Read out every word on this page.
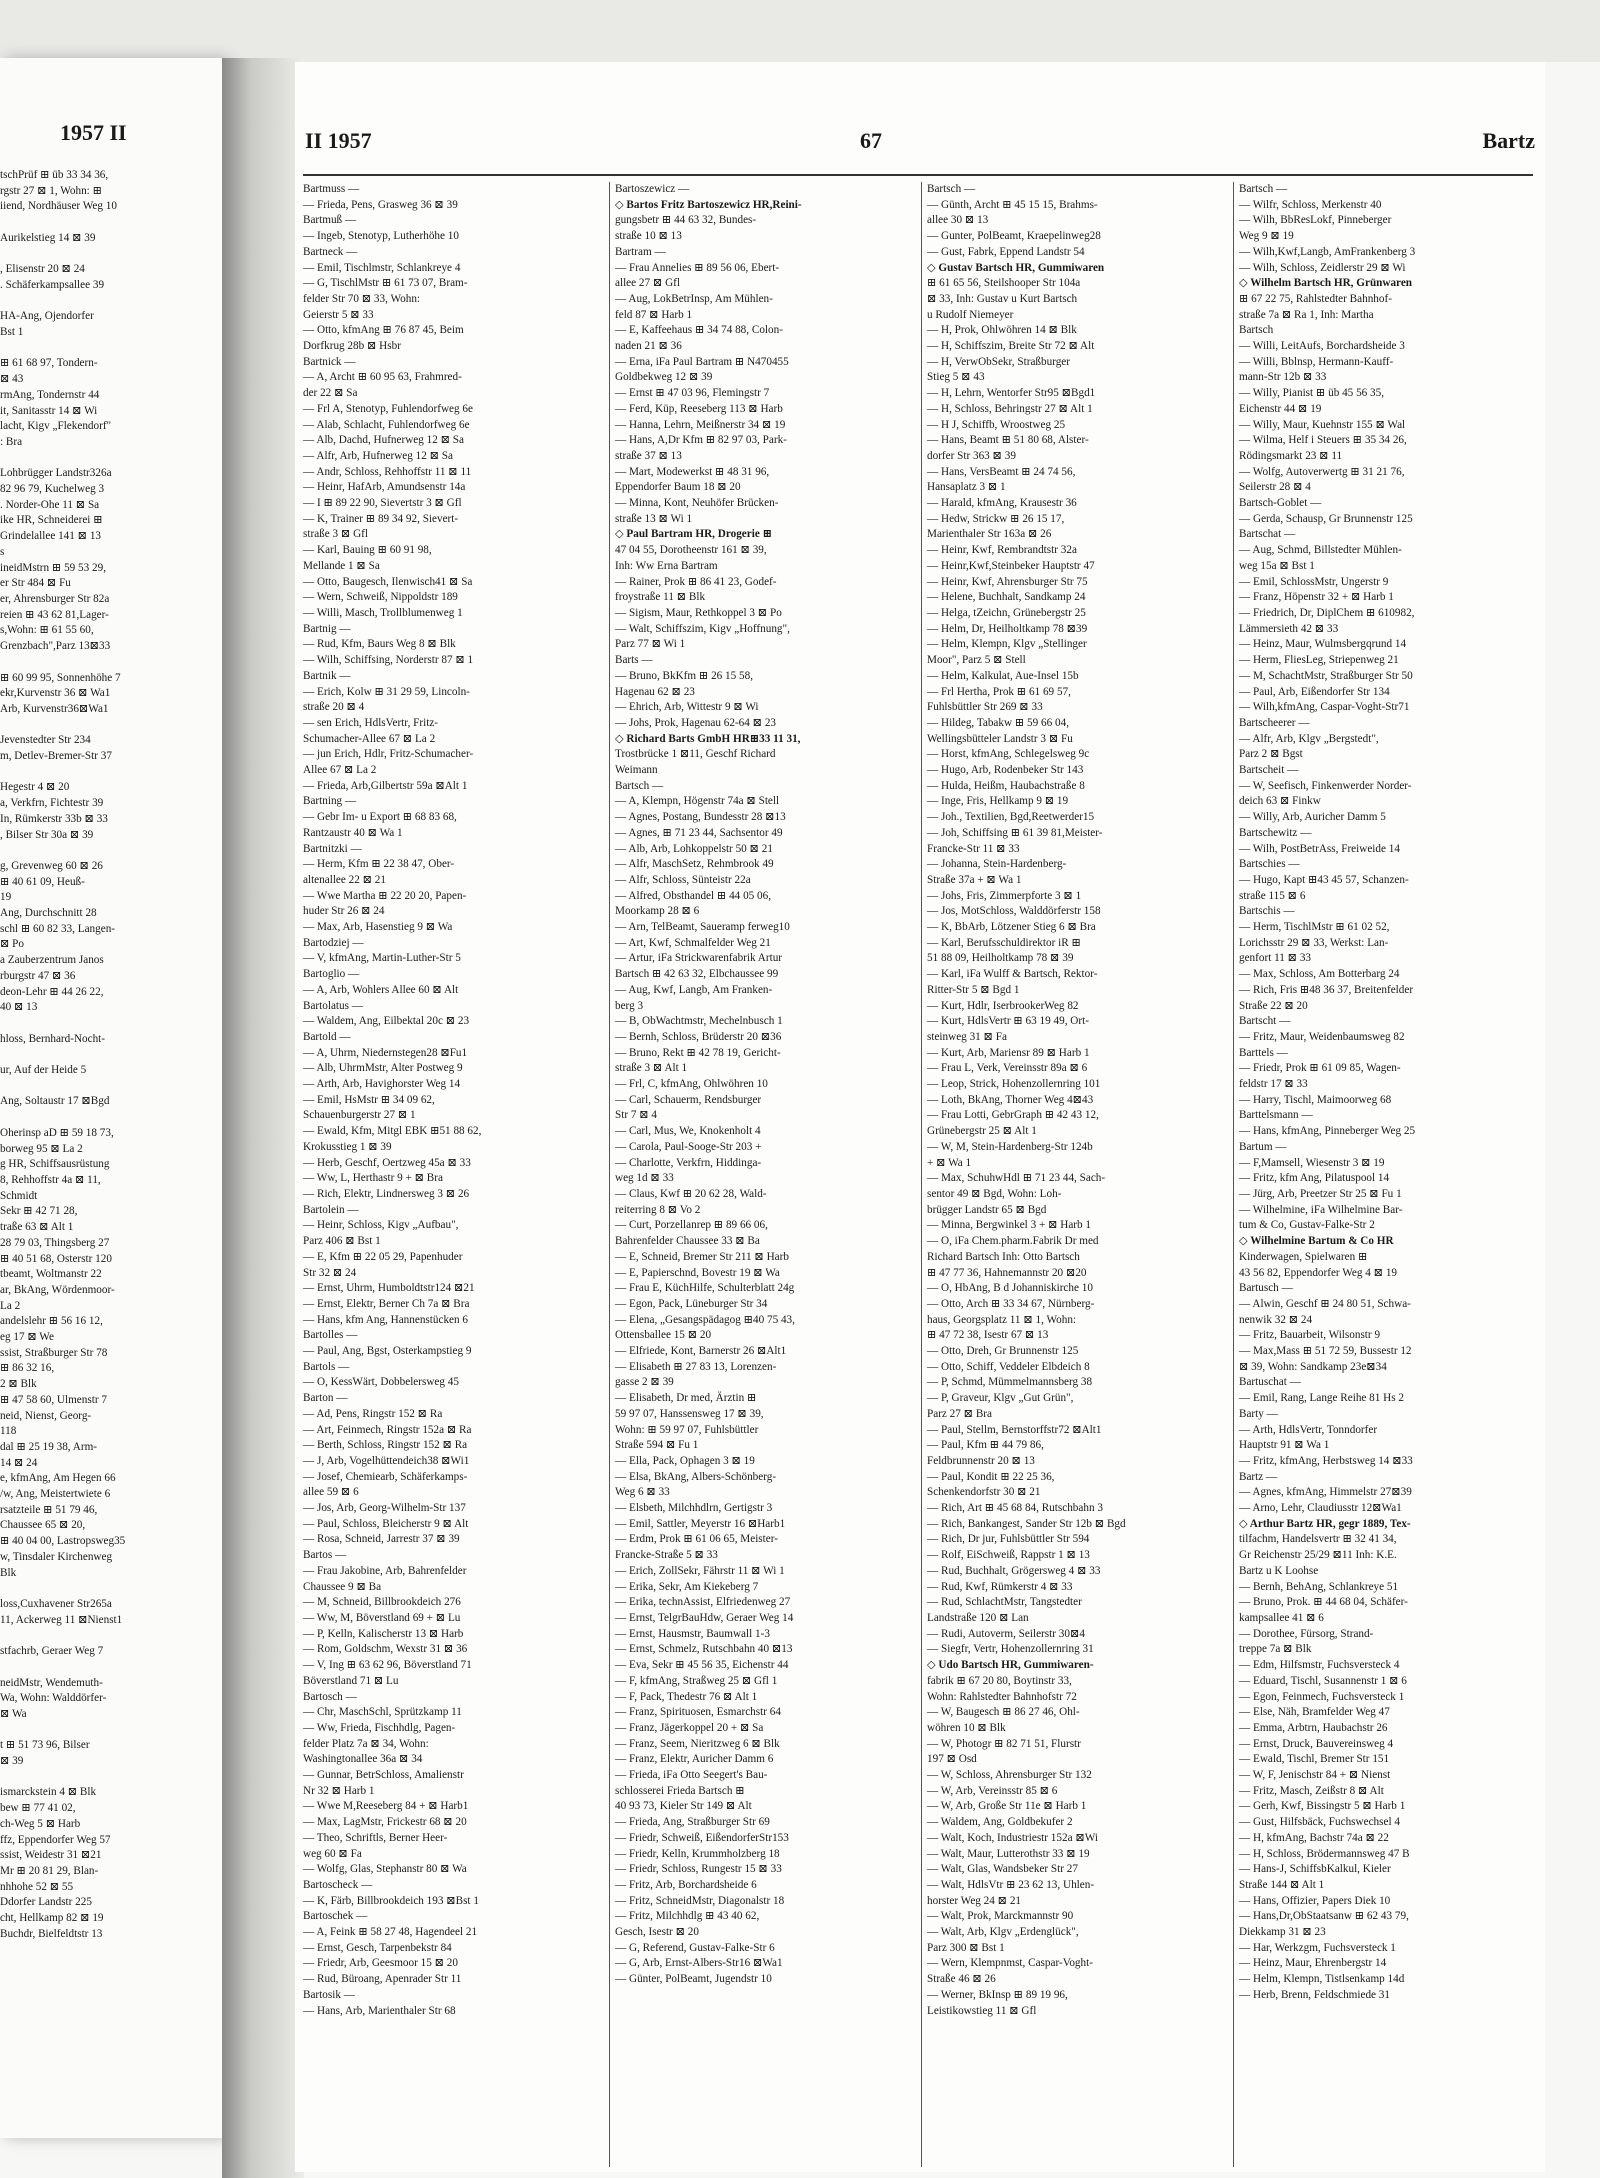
1957 II
tschPrüf ⊞ üb 33 34 36,
rgstr 27 ⊠ 1, Wohn: ⊞
iiend, Nordhäuser Weg 10

Aurikelstieg 14 ⊠ 39

, Elisenstr 20 ⊠ 24
. Schäferkampsallee 39

HA-Ang, Ojendorfer
Bst 1

⊞ 61 68 97, Tondern-
⊠ 43
rmAng, Tondernstr 44
it, Sanitasstr 14 ⊠ Wi
lacht, Kigv „Flekendorf"
: Bra

Lohbrügger Landstr326a
82 96 79, Kuchelweg 3
. Norder-Ohe 11 ⊠ Sa
ike HR, Schneiderei ⊞
Grindelallee 141 ⊠ 13
s
ineidMstrn ⊞ 59 53 29,
er Str 484 ⊠ Fu
er, Ahrensburger Str 82a
reien ⊞ 43 62 81,Lager-
s,Wohn: ⊞ 61 55 60,
Grenzbach",Parz 13⊠33

⊞ 60 99 95, Sonnenhöhe 7
ekr,Kurvenstr 36 ⊠ Wa1
Arb, Kurvenstr36⊠Wa1

Jevenstedter Str 234
m, Detlev-Bremer-Str 37

Hegestr 4 ⊠ 20
a, Verkfrn, Fichtestr 39
In, Rümkerstr 33b ⊠ 33
, Bilser Str 30a ⊠ 39

g, Grevenweg 60 ⊠ 26
⊞ 40 61 09, Heuß-
19
Ang, Durchschnitt 28
schl ⊞ 60 82 33, Langen-
⊠ Po
a Zauberzentrum Janos
rburgstr 47 ⊠ 36
deon-Lehr ⊞ 44 26 22,
40 ⊠ 13

hloss, Bernhard-Nocht-

ur, Auf der Heide 5

Ang, Soltaustr 17 ⊠Bgd

Oherinsp aD ⊞ 59 18 73,
borweg 95 ⊠ La 2
g HR, Schiffsausrüstung
8, Rehhoffstr 4a ⊠ 11,
Schmidt
Sekr ⊞ 42 71 28,
traße 63 ⊠ Alt 1
28 79 03, Thingsberg 27
⊞ 40 51 68, Osterstr 120
tbeamt, Woltmanstr 22
ar, BkAng, Wördenmoor-
La 2
andelslehr ⊞ 56 16 12,
eg 17 ⊠ We
ssist, Straßburger Str 78
⊞ 86 32 16,
2 ⊠ Blk
⊞ 47 58 60, Ulmenstr 7
neid, Nienst, Georg-
118
dal ⊞ 25 19 38, Arm-
14 ⊠ 24
e, kfmAng, Am Hegen 66
/w, Ang, Meistertwiete 6
rsatzteile ⊞ 51 79 46,
Chaussee 65 ⊠ 20,
⊞ 40 04 00, Lastropsweg35
w, Tinsdaler Kirchenweg
Blk

loss,Cuxhavener Str265a
11, Ackerweg 11 ⊠Nienst1

stfachrb, Geraer Weg 7

neidMstr, Wendemuth-
Wa, Wohn: Walddörfer-
⊠ Wa

t ⊞ 51 73 96, Bilser
⊠ 39

ismarckstein 4 ⊠ Blk
bew ⊞ 77 41 02,
ch-Weg 5 ⊠ Harb
ffz, Eppendorfer Weg 57
ssist, Weidestr 31 ⊠21
Mr ⊞ 20 81 29, Blan-
nhhohe 52 ⊠ 55
Ddorfer Landstr 225
cht, Hellkamp 82 ⊠ 19
Buchdr, Bielfeldtstr 13
II 1957	67	Bartz
Bartmuss —
— Frieda, Pens, Grasweg 36 ⊠ 39
Bartmuß —
— Ingeb, Stenotyp, Lutherhöhe 10
Bartneck —
— Emil, Tischlmstr, Schlankreye 4
— G, TischlMstr ⊞ 61 73 07, Bram-
felder Str 70 ⊠ 33, Wohn:
Geierstr 5 ⊠ 33
— Otto, kfmAng ⊞ 76 87 45, Beim
Dorfkrug 28b ⊠ Hsbr
Bartnick —
— A, Archt ⊞ 60 95 63, Frahmred-
der 22 ⊠ Sa
— Frl A, Stenotyp, Fuhlendorfweg 6e
— Alab, Schlacht, Fuhlendorfweg 6e
— Alb, Dachd, Hufnerweg 12 ⊠ Sa
— Alfr, Arb, Hufnerweg 12 ⊠ Sa
— Andr, Schloss, Rehhoffstr 11 ⊠ 11
— Heinr, HafArb, Amundsenstr 14a
— I ⊞ 89 22 90, Sievertstr 3 ⊠ Gfl
— K, Trainer ⊞ 89 34 92, Sievert-
straße 3 ⊠ Gfl
— Karl, Bauing ⊞ 60 91 98,
Mellande 1 ⊠ Sa
— Otto, Baugesch, Ilenwisch41 ⊠ Sa
— Wern, Schweiß, Nippoldstr 189
— Willi, Masch, Trollblumenweg 1
Bartnig —
— Rud, Kfm, Baurs Weg 8 ⊠ Blk
— Wilh, Schiffsing, Norderstr 87 ⊠ 1
Bartnik —
— Erich, Kolw ⊞ 31 29 59, Lincoln-
straße 20 ⊠ 4
— sen Erich, HdlsVertr, Fritz-
Schumacher-Allee 67 ⊠ La 2
— jun Erich, Hdlr, Fritz-Schumacher-
Allee 67 ⊠ La 2
— Frieda, Arb,Gilbertstr 59a ⊠Alt 1
Bartning —
— Gebr Im- u Export ⊞ 68 83 68,
Rantzaustr 40 ⊠ Wa 1
Bartnitzki —
— Herm, Kfm ⊞ 22 38 47, Ober-
altenallee 22 ⊠ 21
— Wwe Martha ⊞ 22 20 20, Papen-
huder Str 26 ⊠ 24
— Max, Arb, Hasenstieg 9 ⊠ Wa
Bartodziej —
— V, kfmAng, Martin-Luther-Str 5
Bartoglio —
— A, Arb, Wohlers Allee 60 ⊠ Alt
Bartolatus —
— Waldem, Ang, Eilbektal 20c ⊠ 23
Bartold —
— A, Uhrm, Niedernstegen28 ⊠Fu1
— Alb, UhrmMstr, Alter Postweg 9
— Arth, Arb, Havighorster Weg 14
— Emil, HsMstr ⊞ 34 09 62,
Schauenburgerstr 27 ⊠ 1
— Ewald, Kfm, Mitgl EBK ⊞51 88 62,
Krokusstieg 1 ⊠ 39
— Herb, Geschf, Oertzweg 45a ⊠ 33
— Ww, L, Herthastr 9 + ⊠ Bra
— Rich, Elektr, Lindnersweg 3 ⊠ 26
Bartolein —
— Heinr, Schloss, Kigv „Aufbau",
Parz 406 ⊠ Bst 1
— E, Kfm ⊞ 22 05 29, Papenhuder
Str 32 ⊠ 24
— Ernst, Uhrm, Humboldtstr124 ⊠21
— Ernst, Elektr, Berner Ch 7a ⊠ Bra
— Hans, kfm Ang, Hannenstücken 6
Bartolles —
— Paul, Ang, Bgst, Osterkampstieg 9
Bartols —
— O, KessWärt, Dobbelersweg 45
Barton —
— Ad, Pens, Ringstr 152 ⊠ Ra
— Art, Feinmech, Ringstr 152a ⊠ Ra
— Berth, Schloss, Ringstr 152 ⊠ Ra
— J, Arb, Vogelhüttendeich38 ⊠Wi1
— Josef, Chemiearb, Schäferkamps-
allee 59 ⊠ 6
— Jos, Arb, Georg-Wilhelm-Str 137
— Paul, Schloss, Bleicherstr 9 ⊠ Alt
— Rosa, Schneid, Jarrestr 37 ⊠ 39
Bartos —
— Frau Jakobine, Arb, Bahrenfelder
Chaussee 9 ⊠ Ba
— M, Schneid, Billbrookdeich 276
— Ww, M, Böverstland 69 + ⊠ Lu
— P, Kelln, Kalischerstr 13 ⊠ Harb
— Rom, Goldschm, Wexstr 31 ⊠ 36
— V, Ing ⊞ 63 62 96, Böverstland 71
Böverstland 71 ⊠ Lu
Bartosch —
— Chr, MaschSchl, Sprützkamp 11
— Ww, Frieda, Fischhdlg, Pagen-
felder Platz 7a ⊠ 34, Wohn:
Washingtonallee 36a ⊠ 34
— Gunnar, BetrSchloss, Amalienstr
Nr 32 ⊠ Harb 1
— Wwe M,Reeseberg 84 + ⊠ Harb1
— Max, LagMstr, Frickestr 68 ⊠ 20
— Theo, Schriftls, Berner Heer-
weg 60 ⊠ Fa
— Wolfg, Glas, Stephanstr 80 ⊠ Wa
Bartoscheck —
— K, Färb, Billbrookdeich 193 ⊠Bst 1
Bartoschek —
— A, Feink ⊞ 58 27 48, Hagendeel 21
— Ernst, Gesch, Tarpenbekstr 84
— Friedr, Arb, Geesmoor 15 ⊠ 20
— Rud, Büroang, Apenrader Str 11
Bartosik —
— Hans, Arb, Marienthaler Str 68
Bartoszewicz —
◇ Bartos Fritz Bartoszewicz HR,Reini-
gungsbetr ⊞ 44 63 32, Bundes-
straße 10 ⊠ 13
Bartram —
— Frau Annelies ⊞ 89 56 06, Ebert-
allee 27 ⊠ Gfl
— Aug, LokBetrInsp, Am Mühlen-
feld 87 ⊠ Harb 1
— E, Kaffeehaus ⊞ 34 74 88, Colon-
naden 21 ⊠ 36
— Erna, iFa Paul Bartram ⊞ N470455
Goldbekweg 12 ⊠ 39
— Ernst ⊞ 47 03 96, Flemingstr 7
— Ferd, Küp, Reeseberg 113 ⊠ Harb
— Hanna, Lehrn, Meißnerstr 34 ⊠ 19
— Hans, A,Dr Kfm ⊞ 82 97 03, Park-
straße 37 ⊠ 13
— Mart, Modewerkst ⊞ 48 31 96,
Eppendorfer Baum 18 ⊠ 20
— Minna, Kont, Neuhöfer Brücken-
straße 13 ⊠ Wi 1
◇ Paul Bartram HR, Drogerie ⊞
47 04 55, Dorotheenstr 161 ⊠ 39,
Inh: Ww Erna Bartram
— Rainer, Prok ⊞ 86 41 23, Godef-
froystraße 11 ⊠ Blk
— Sigism, Maur, Rethkoppel 3 ⊠ Po
— Walt, Schiffszim, Kigv „Hoffnung",
Parz 77 ⊠ Wi 1
Barts —
— Bruno, BkKfm ⊞ 26 15 58,
Hagenau 62 ⊠ 23
— Ehrich, Arb, Wittestr 9 ⊠ Wi
— Johs, Prok, Hagenau 62-64 ⊠ 23
◇ Richard Barts GmbH HR⊞33 11 31,
Trostbrücke 1 ⊠11, Geschf Richard
Weimann
Bartsch —
— A, Klempn, Högenstr 74a ⊠ Stell
— Agnes, Postang, Bundesstr 28 ⊠13
— Agnes, ⊞ 71 23 44, Sachsentor 49
— Alb, Arb, Lohkoppelstr 50 ⊠ 21
— Alfr, MaschSetz, Rehmbrook 49
— Alfr, Schloss, Sünteistr 22a
— Alfred, Obsthandel ⊞ 44 05 06,
Moorkamp 28 ⊠ 6
— Arn, TelBeamt, Saueramp ferweg10
— Art, Kwf, Schmalfelder Weg 21
— Artur, iFa Strickwarenfabrik Artur
Bartsch ⊞ 42 63 32, Elbchaussee 99
— Aug, Kwf, Langb, Am Franken-
berg 3
— B, ObWachtmstr, Mechelnbusch 1
— Bernh, Schloss, Brüderstr 20 ⊠36
— Bruno, Rekt ⊞ 42 78 19, Gericht-
straße 3 ⊠ Alt 1
— Frl, C, kfmAng, Ohlwöhren 10
— Carl, Schauerm, Rendsburger
Str 7 ⊠ 4
— Carl, Mus, We, Knokenholt 4
— Carola, Paul-Sooge-Str 203 +
— Charlotte, Verkfrn, Hiddinga-
weg 1d ⊠ 33
— Claus, Kwf ⊞ 20 62 28, Wald-
reiterring 8 ⊠ Vo 2
— Curt, Porzellanrep ⊞ 89 66 06,
Bahrenfelder Chaussee 33 ⊠ Ba
— E, Schneid, Bremer Str 211 ⊠ Harb
— E, Papierschnd, Bovestr 19 ⊠ Wa
— Frau E, KüchHilfe, Schulterblatt 24g
— Egon, Pack, Lüneburger Str 34
— Elena, „Gesangspädagog ⊞40 75 43,
Ottensballee 15 ⊠ 20
— Elfriede, Kont, Barnerstr 26 ⊠Alt1
— Elisabeth ⊞ 27 83 13, Lorenzen-
gasse 2 ⊠ 39
— Elisabeth, Dr med, Ärztin ⊞
59 97 07, Hanssensweg 17 ⊠ 39,
Wohn: ⊞ 59 97 07, Fuhlsbüttler
Straße 594 ⊠ Fu 1
— Ella, Pack, Ophagen 3 ⊠ 19
— Elsa, BkAng, Albers-Schönberg-
Weg 6 ⊠ 33
— Elsbeth, Milchhdlrn, Gertigstr 3
— Emil, Sattler, Meyerstr 16 ⊠Harb1
— Erdm, Prok ⊞ 61 06 65, Meister-
Francke-Straße 5 ⊠ 33
— Erich, ZollSekr, Fährstr 11 ⊠ Wi 1
— Erika, Sekr, Am Kiekeberg 7
— Erika, technAssist, Elfriedenweg 27
— Ernst, TelgrBauHdw, Geraer Weg 14
— Ernst, Hausmstr, Baumwall 1-3
— Ernst, Schmelz, Rutschbahn 40 ⊠13
— Eva, Sekr ⊞ 45 56 35, Eichenstr 44
— F, kfmAng, Straßweg 25 ⊠ Gfl 1
— F, Pack, Thedestr 76 ⊠ Alt 1
— Franz, Spirituosen, Esmarchstr 64
— Franz, Jägerkoppel 20 + ⊠ Sa
— Franz, Seem, Nieritzweg 6 ⊠ Blk
— Franz, Elektr, Auricher Damm 6
— Frieda, iFa Otto Seegert's Bau-
schlosserei Frieda Bartsch ⊞
40 93 73, Kieler Str 149 ⊠ Alt
— Frieda, Ang, Straßburger Str 69
— Friedr, Schweiß, EißendorferStr153
— Friedr, Kelln, Krummholzberg 18
— Friedr, Schloss, Rungestr 15 ⊠ 33
— Fritz, Arb, Borchardsheide 6
— Fritz, SchneidMstr, Diagonalstr 18
— Fritz, Milchhdlg ⊞ 43 40 62,
Gesch, Isestr ⊠ 20
— G, Referend, Gustav-Falke-Str 6
— G, Arb, Ernst-Albers-Str16 ⊠Wa1
— Günter, PolBeamt, Jugendstr 10
Bartsch —
— Günth, Archt ⊞ 45 15 15, Brahms-
allee 30 ⊠ 13
— Gunter, PolBeamt, Kraepelinweg28
— Gust, Fabrk, Eppend Landstr 54
◇ Gustav Bartsch HR, Gummiwaren
⊞ 61 65 56, Steilshooper Str 104a
⊠ 33, Inh: Gustav u Kurt Bartsch
u Rudolf Niemeyer
— H, Prok, Ohlwöhren 14 ⊠ Blk
— H, Schiffszim, Breite Str 72 ⊠ Alt
— H, VerwObSekr, Straßburger
Stieg 5 ⊠ 43
— H, Lehrn, Wentorfer Str95 ⊠Bgd1
— H, Schloss, Behringstr 27 ⊠ Alt 1
— H J, Schiffb, Wroostweg 25
— Hans, Beamt ⊞ 51 80 68, Alster-
dorfer Str 363 ⊠ 39
— Hans, VersBeamt ⊞ 24 74 56,
Hansaplatz 3 ⊠ 1
— Harald, kfmAng, Krausestr 36
— Hedw, Strickw ⊞ 26 15 17,
Marienthaler Str 163a ⊠ 26
— Heinr, Kwf, Rembrandtstr 32a
— Heinr,Kwf,Steinbeker Hauptstr 47
— Heinr, Kwf, Ahrensburger Str 75
— Helene, Buchhalt, Sandkamp 24
— Helga, tZeichn, Grünebergstr 25
— Helm, Dr, Heilholtkamp 78 ⊠39
— Helm, Klempn, Klgv „Stellinger
Moor", Parz 5 ⊠ Stell
— Helm, Kalkulat, Aue-Insel 15b
— Frl Hertha, Prok ⊞ 61 69 57,
Fuhlsbüttler Str 269 ⊠ 33
— Hildeg, Tabakw ⊞ 59 66 04,
Wellingsbütteler Landstr 3 ⊠ Fu
— Horst, kfmAng, Schlegelsweg 9c
— Hugo, Arb, Rodenbeker Str 143
— Hulda, Heißm, Haubachstraße 8
— Inge, Fris, Hellkamp 9 ⊠ 19
— Joh., Textilien, Bgd,Reetwerder15
— Joh, Schiffsing ⊞ 61 39 81,Meister-
Francke-Str 11 ⊠ 33
— Johanna, Stein-Hardenberg-
Straße 37a + ⊠ Wa 1
— Johs, Fris, Zimmerpforte 3 ⊠ 1
— Jos, MotSchloss, Walddörferstr 158
— K, BbArb, Lötzener Stieg 6 ⊠ Bra
— Karl, Berufsschuldirektor iR ⊞
51 88 09, Heilholtkamp 78 ⊠ 39
— Karl, iFa Wulff & Bartsch, Rektor-
Ritter-Str 5 ⊠ Bgd 1
— Kurt, Hdlr, IserbrookerWeg 82
— Kurt, HdlsVertr ⊞ 63 19 49, Ort-
steinweg 31 ⊠ Fa
— Kurt, Arb, Mariensr 89 ⊠ Harb 1
— Frau L, Verk, Vereinsstr 89a ⊠ 6
— Leop, Strick, Hohenzollernring 101
— Loth, BkAng, Thorner Weg 4⊠43
— Frau Lotti, GebrGraph ⊞ 42 43 12,
Grünebergstr 25 ⊠ Alt 1
— W, M, Stein-Hardenberg-Str 124b
+ ⊠ Wa 1
— Max, SchuhwHdl ⊞ 71 23 44, Sach-
sentor 49 ⊠ Bgd, Wohn: Loh-
brügger Landstr 65 ⊠ Bgd
— Minna, Bergwinkel 3 + ⊠ Harb 1
— O, iFa Chem.pharm.Fabrik Dr med
Richard Bartsch Inh: Otto Bartsch
⊞ 47 77 36, Hahnemannstr 20 ⊠20
— O, HbAng, B d Johanniskirche 10
— Otto, Arch ⊞ 33 34 67, Nürnberg-
haus, Georgsplatz 11 ⊠ 1, Wohn:
⊞ 47 72 38, Isestr 67 ⊠ 13
— Otto, Dreh, Gr Brunnenstr 125
— Otto, Schiff, Veddeler Elbdeich 8
— P, Schmd, Mümmelmannsberg 38
— P, Graveur, Klgv „Gut Grün",
Parz 27 ⊠ Bra
— Paul, Stellm, Bernstorffstr72 ⊠Alt1
— Paul, Kfm ⊞ 44 79 86,
Feldbrunnenstr 20 ⊠ 13
— Paul, Kondit ⊞ 22 25 36,
Schenkendorfstr 30 ⊠ 21
— Rich, Art ⊞ 45 68 84, Rutschbahn 3
— Rich, Bankangest, Sander Str 12b ⊠ Bgd
— Rich, Dr jur, Fuhlsbüttler Str 594
— Rolf, EiSchweiß, Rappstr 1 ⊠ 13
— Rud, Buchhalt, Grögersweg 4 ⊠ 33
— Rud, Kwf, Rümkerstr 4 ⊠ 33
— Rud, SchlachtMstr, Tangstedter
Landstraße 120 ⊠ Lan
— Rudi, Autoverm, Seilerstr 30⊠4
— Siegfr, Vertr, Hohenzollernring 31
◇ Udo Bartsch HR, Gummiwaren-
fabrik ⊞ 67 20 80, Boytinstr 33,
Wohn: Rahlstedter Bahnhofstr 72
— W, Baugesch ⊞ 86 27 46, Ohl-
wöhren 10 ⊠ Blk
— W, Photogr ⊞ 82 71 51, Flurstr
197 ⊠ Osd
— W, Schloss, Ahrensburger Str 132
— W, Arb, Vereinsstr 85 ⊠ 6
— W, Arb, Große Str 11e ⊠ Harb 1
— Waldem, Ang, Goldbekufer 2
— Walt, Koch, Industriestr 152a ⊠Wi
— Walt, Maur, Lutterothstr 33 ⊠ 19
— Walt, Glas, Wandsbeker Str 27
— Walt, HdlsVtr ⊞ 23 62 13, Uhlen-
horster Weg 24 ⊠ 21
— Walt, Prok, Marckmannstr 90
— Walt, Arb, Klgv „Erdenglück",
Parz 300 ⊠ Bst 1
— Wern, Klempnmst, Caspar-Voght-
Straße 46 ⊠ 26
— Werner, BkInsp ⊞ 89 19 96,
Leistikowstieg 11 ⊠ Gfl
Bartsch —
— Wilfr, Schloss, Merkenstr 40
— Wilh, BbResLokf, Pinneberger
Weg 9 ⊠ 19
— Wilh,Kwf,Langb, AmFrankenberg 3
— Wilh, Schloss, Zeidlerstr 29 ⊠ Wi
◇ Wilhelm Bartsch HR, Grünwaren
⊞ 67 22 75, Rahlstedter Bahnhof-
straße 7a ⊠ Ra 1, Inh: Martha
Bartsch
— Willi, LeitAufs, Borchardsheide 3
— Willi, Bblnsp, Hermann-Kauff-
mann-Str 12b ⊠ 33
— Willy, Pianist ⊞ üb 45 56 35,
Eichenstr 44 ⊠ 19
— Willy, Maur, Kuehnstr 155 ⊠ Wal
— Wilma, Helf i Steuers ⊞ 35 34 26,
Rödingsmarkt 23 ⊠ 11
— Wolfg, Autoverwertg ⊞ 31 21 76,
Seilerstr 28 ⊠ 4
Bartsch-Goblet —
— Gerda, Schausp, Gr Brunnenstr 125
Bartschat —
— Aug, Schmd, Billstedter Mühlen-
weg 15a ⊠ Bst 1
— Emil, SchlossMstr, Ungerstr 9
— Franz, Höpenstr 32 + ⊠ Harb 1
— Friedrich, Dr, DiplChem ⊞ 610982,
Lämmersieth 42 ⊠ 33
— Heinz, Maur, Wulmsbergqrund 14
— Herm, FliesLeg, Striepenweg 21
— M, SchachtMstr, Straßburger Str 50
— Paul, Arb, Eißendorfer Str 134
— Wilh,kfmAng, Caspar-Voght-Str71
Bartscheerer —
— Alfr, Arb, Klgv „Bergstedt",
Parz 2 ⊠ Bgst
Bartscheit —
— W, Seefisch, Finkenwerder Norder-
deich 63 ⊠ Finkw
— Willy, Arb, Auricher Damm 5
Bartschewitz —
— Wilh, PostBetrAss, Freiweide 14
Bartschies —
— Hugo, Kapt ⊞43 45 57, Schanzen-
straße 115 ⊠ 6
Bartschis —
— Herm, TischlMstr ⊞ 61 02 52,
Lorichsstr 29 ⊠ 33, Werkst: Lan-
genfort 11 ⊠ 33
— Max, Schloss, Am Botterbarg 24
— Rich, Fris ⊞48 36 37, Breitenfelder
Straße 22 ⊠ 20
Bartscht —
— Fritz, Maur, Weidenbaumsweg 82
Barttels —
— Friedr, Prok ⊞ 61 09 85, Wagen-
feldstr 17 ⊠ 33
— Harry, Tischl, Maimoorweg 68
Barttelsmann —
— Hans, kfmAng, Pinneberger Weg 25
Bartum —
— F,Mamsell, Wiesenstr 3 ⊠ 19
— Fritz, kfm Ang, Pilatuspool 14
— Jürg, Arb, Preetzer Str 25 ⊠ Fu 1
— Wilhelmine, iFa Wilhelmine Bar-
tum & Co, Gustav-Falke-Str 2
◇ Wilhelmine Bartum & Co HR
Kinderwagen, Spielwaren ⊞
43 56 82, Eppendorfer Weg 4 ⊠ 19
Bartusch —
— Alwin, Geschf ⊞ 24 80 51, Schwa-
nenwik 32 ⊠ 24
— Fritz, Bauarbeit, Wilsonstr 9
— Max,Mass ⊞ 51 72 59, Bussestr 12
⊠ 39, Wohn: Sandkamp 23e⊠34
Bartuschat —
— Emil, Rang, Lange Reihe 81 Hs 2
Barty —
— Arth, HdlsVertr, Tonndorfer
Hauptstr 91 ⊠ Wa 1
— Fritz, kfmAng, Herbstsweg 14 ⊠33
Bartz —
— Agnes, kfmAng, Himmelstr 27⊠39
— Arno, Lehr, Claudiusstr 12⊠Wa1
◇ Arthur Bartz HR, gegr 1889, Tex-
tilfachm, Handelsvertr ⊞ 32 41 34,
Gr Reichenstr 25/29 ⊠11 Inh: K.E.
Bartz u K Loohse
— Bernh, BehAng, Schlankreye 51
— Bruno, Prok. ⊞ 44 68 04, Schäfer-
kampsallee 41 ⊠ 6
— Dorothee, Fürsorg, Strand-
treppe 7a ⊠ Blk
— Edm, Hilfsmstr, Fuchsversteck 4
— Eduard, Tischl, Susannenstr 1 ⊠ 6
— Egon, Feinmech, Fuchsversteck 1
— Else, Näh, Bramfelder Weg 47
— Emma, Arbtrn, Haubachstr 26
— Ernst, Druck, Bauvereinsweg 4
— Ewald, Tischl, Bremer Str 151
— W, F, Jenischstr 84 + ⊠ Nienst
— Fritz, Masch, Zeißstr 8 ⊠ Alt
— Gerh, Kwf, Bissingstr 5 ⊠ Harb 1
— Gust, Hilfsbäck, Fuchswechsel 4
— H, kfmAng, Bachstr 74a ⊠ 22
— H, Schloss, Brödermannsweg 47 B
— Hans-J, SchiffsbKalkul, Kieler
Straße 144 ⊠ Alt 1
— Hans, Offizier, Papers Diek 10
— Hans,Dr,ObStaatsanw ⊞ 62 43 79,
Diekkamp 31 ⊠ 23
— Har, Werkzgm, Fuchsversteck 1
— Heinz, Maur, Ehrenbergstr 14
— Helm, Klempn, Tistlsenkamp 14d
— Herb, Brenn, Feldschmiede 31
